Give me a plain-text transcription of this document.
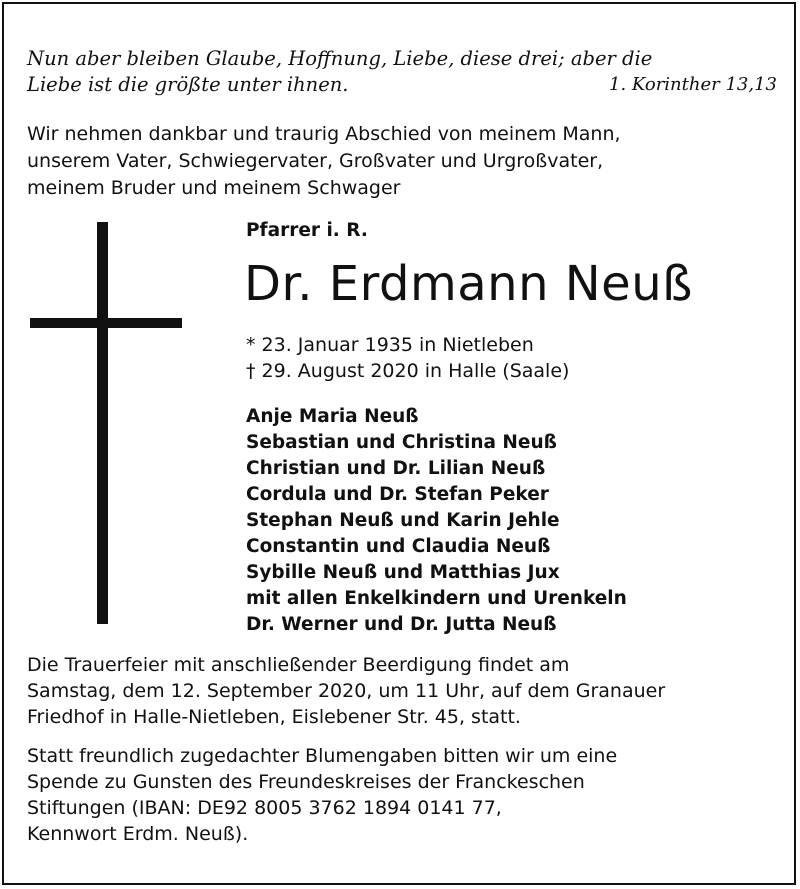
Nun aber bleiben Glaube, Hoffnung, Liebe, diese drei; aber die
Liebe ist die größte unter ihnen.	1. Korinther 13,13
Wir nehmen dankbar und traurig Abschied von meinem Mann,
unserem Vater, Schwiegervater, Großvater und Urgroßvater,
meinem Bruder und meinem Schwager
Pfarrer i. R.
Dr. Erdmann Neuß
* 23. Januar 1935 in Nietleben
† 29. August 2020 in Halle (Saale)
Anje Maria Neuß
Sebastian und Christina Neuß
Christian und Dr. Lilian Neuß
Cordula und Dr. Stefan Peker
Stephan Neuß und Karin Jehle
Constantin und Claudia Neuß
Sybille Neuß und Matthias Jux
mit allen Enkelkindern und Urenkeln
Dr. Werner und Dr. Jutta Neuß
Die Trauerfeier mit anschließender Beerdigung findet am
Samstag, dem 12. September 2020, um 11 Uhr, auf dem Granauer
Friedhof in Halle-Nietleben, Eislebener Str. 45, statt.
Statt freundlich zugedachter Blumengaben bitten wir um eine
Spende zu Gunsten des Freundeskreises der Franckeschen
Stiftungen (IBAN: DE92 8005 3762 1894 0141 77,
Kennwort Erdm. Neuß).
